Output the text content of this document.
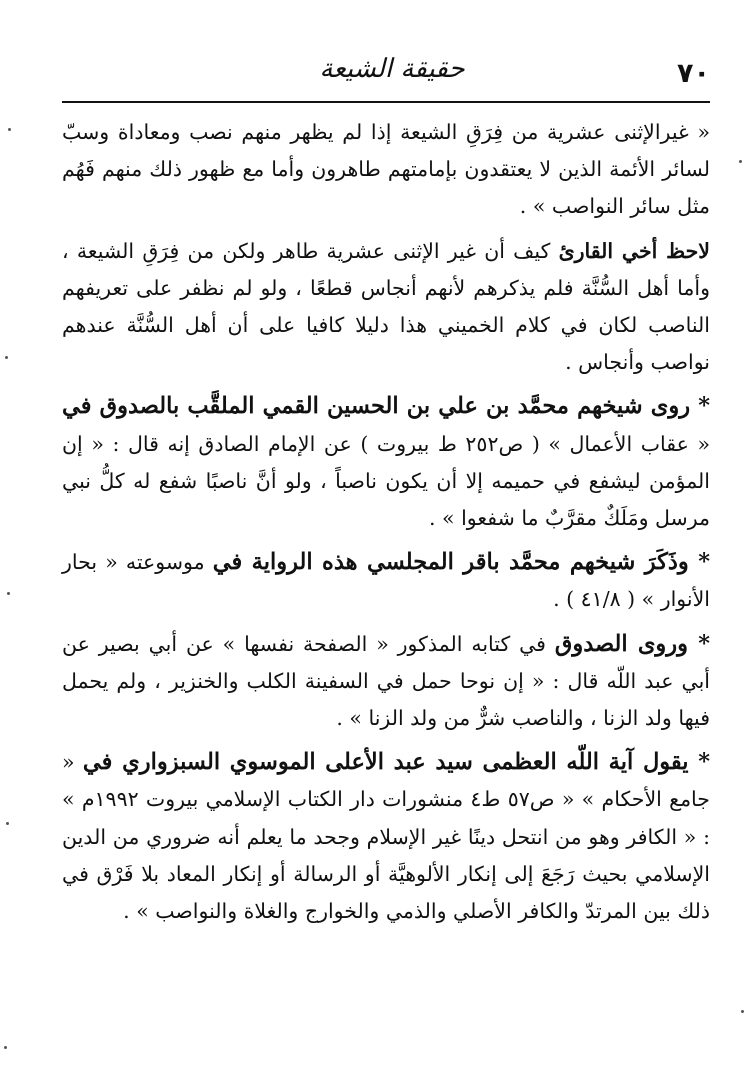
٧٠
حقيقة الشيعة

« غيرالإثنى عشرية من فِرَقِ الشيعة إذا لم يظهر منهم نصب ومعاداة وسبّ لسائر الأئمة الذين لا يعتقدون بإمامتهم طاهرون وأما مع ظهور ذلك منهم فَهُم مثل سائر النواصب » .

لاحظ أخي القارئ كيف أن غير الإثنى عشرية طاهر ولكن من فِرَقِ الشيعة ، وأما أهل السُّنَّة فلم يذكرهم لأنهم أنجاس قطعًا ، ولو لم نظفر على تعريفهم الناصب لكان في كلام الخميني هذا دليلا كافيا على أن أهل السُّنَّة عندهم نواصب وأنجاس .

* روى شيخهم محمَّد بن علي بن الحسين القمي الملقَّب بالصدوق في « عقاب الأعمال » ( ص٢٥٢ ط بيروت ) عن الإمام الصادق إنه قال : « إن المؤمن ليشفع في حميمه إلا أن يكون ناصباً ، ولو أنَّ ناصبًا شفع له كلُّ نبي مرسل ومَلَكٌ مقرَّبٌ ما شفعوا » .

* وذَكَرَ شيخهم محمَّد باقر المجلسي هذه الرواية في موسوعته « بحار الأنوار » ( ٤١/٨ ) .

* وروى الصدوق في كتابه المذكور « الصفحة نفسها » عن أبي بصير عن أبي عبد اللّه قال : « إن نوحا حمل في السفينة الكلب والخنزير ، ولم يحمل فيها ولد الزنا ، والناصب شرٌّ من ولد الزنا » .

* يقول آية اللّه العظمى سيد عبد الأعلى الموسوي السبزواري في « جامع الأحكام » « ص٥٧ ط٤ منشورات دار الكتاب الإسلامي بيروت ١٩٩٢م » : « الكافر وهو من انتحل دينًا غير الإسلام وجحد ما يعلم أنه ضروري من الدين الإسلامي بحيث رَجَعَ إلى إنكار الألوهيَّة أو الرسالة أو إنكار المعاد بلا فَرْق في ذلك بين المرتدّ والكافر الأصلي والذمي والخوارج والغلاة والنواصب » .
